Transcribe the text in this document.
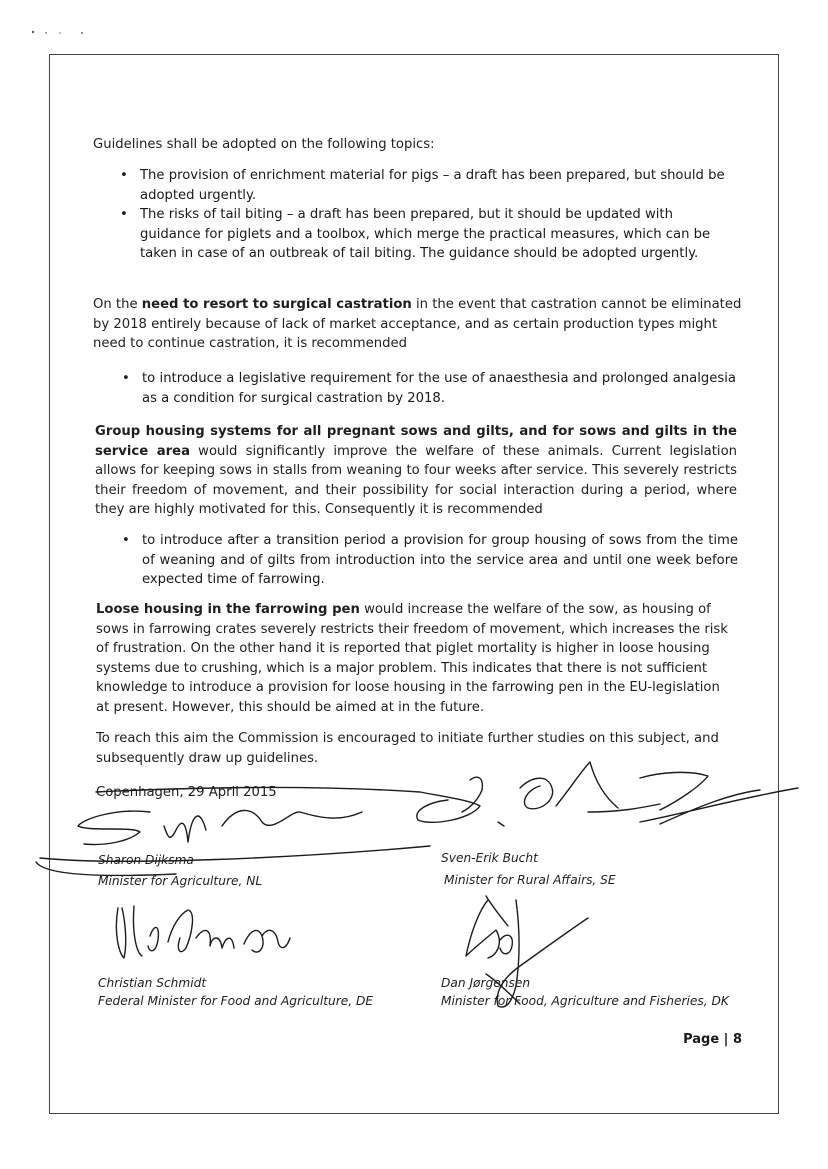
Guidelines shall be adopted on the following topics:
• The provision of enrichment material for pigs – a draft has been prepared, but should be adopted urgently.
• The risks of tail biting – a draft has been prepared, but it should be updated with guidance for piglets and a toolbox, which merge the practical measures, which can be taken in case of an outbreak of tail biting. The guidance should be adopted urgently.
On the need to resort to surgical castration in the event that castration cannot be eliminated by 2018 entirely because of lack of market acceptance, and as certain production types might need to continue castration, it is recommended
• to introduce a legislative requirement for the use of anaesthesia and prolonged analgesia as a condition for surgical castration by 2018.
Group housing systems for all pregnant sows and gilts, and for sows and gilts in the service area would significantly improve the welfare of these animals. Current legislation allows for keeping sows in stalls from weaning to four weeks after service. This severely restricts their freedom of movement, and their possibility for social interaction during a period, where they are highly motivated for this. Consequently it is recommended
• to introduce after a transition period a provision for group housing of sows from the time of weaning and of gilts from introduction into the service area and until one week before expected time of farrowing.
Loose housing in the farrowing pen would increase the welfare of the sow, as housing of sows in farrowing crates severely restricts their freedom of movement, which increases the risk of frustration. On the other hand it is reported that piglet mortality is higher in loose housing systems due to crushing, which is a major problem. This indicates that there is not sufficient knowledge to introduce a provision for loose housing in the farrowing pen in the EU-legislation at present. However, this should be aimed at in the future.
To reach this aim the Commission is encouraged to initiate further studies on this subject, and subsequently draw up guidelines.
Copenhagen, 29 April 2015
Sharon Dijksma
Minister for Agriculture, NL
Sven-Erik Bucht
Minister for Rural Affairs, SE
Christian Schmidt
Federal Minister for Food and Agriculture, DE
Dan Jørgensen
Minister for Food, Agriculture and Fisheries, DK
Page | 8
